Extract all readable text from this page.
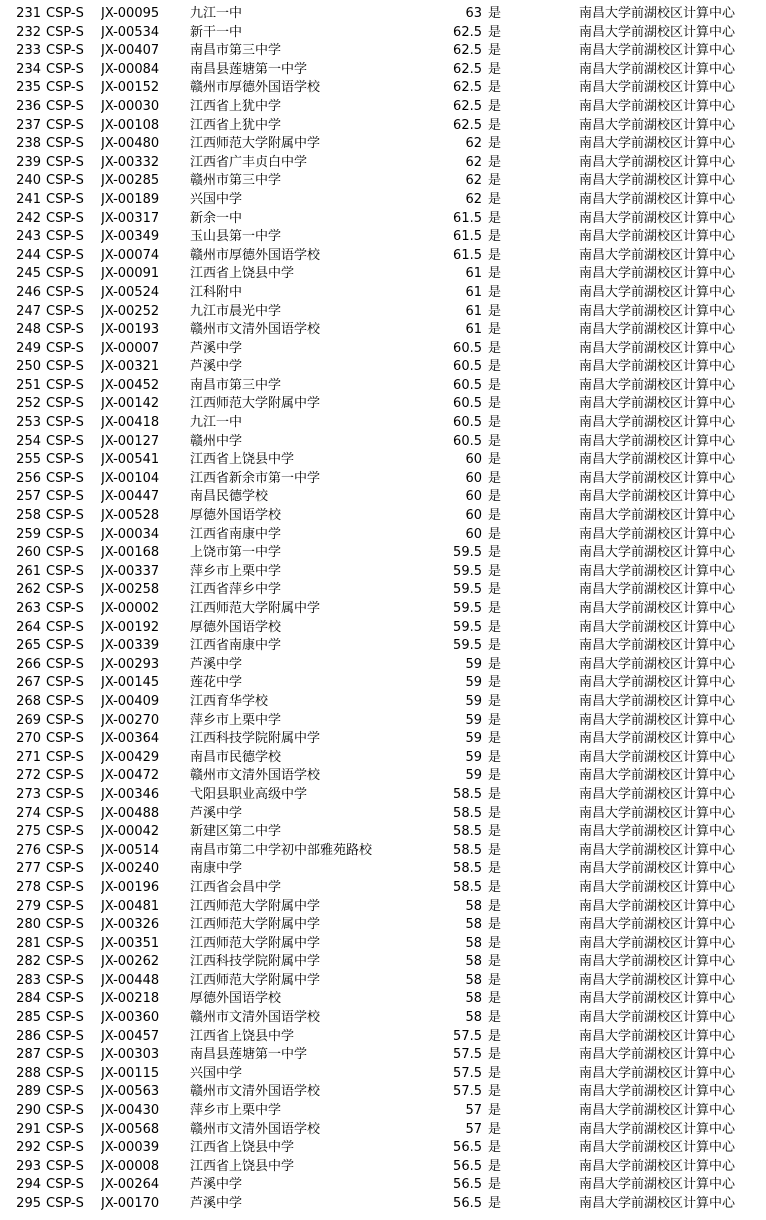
231 CSP-S	JX-00095	九江一中	63 是	南昌大学前湖校区计算中心
232 CSP-S	JX-00534	新干一中	62.5 是	南昌大学前湖校区计算中心
233 CSP-S	JX-00407	南昌市第三中学	62.5 是	南昌大学前湖校区计算中心
234 CSP-S	JX-00084	南昌县莲塘第一中学	62.5 是	南昌大学前湖校区计算中心
235 CSP-S	JX-00152	赣州市厚德外国语学校	62.5 是	南昌大学前湖校区计算中心
236 CSP-S	JX-00030	江西省上犹中学	62.5 是	南昌大学前湖校区计算中心
237 CSP-S	JX-00108	江西省上犹中学	62.5 是	南昌大学前湖校区计算中心
238 CSP-S	JX-00480	江西师范大学附属中学	62 是	南昌大学前湖校区计算中心
239 CSP-S	JX-00332	江西省广丰贞白中学	62 是	南昌大学前湖校区计算中心
240 CSP-S	JX-00285	赣州市第三中学	62 是	南昌大学前湖校区计算中心
241 CSP-S	JX-00189	兴国中学	62 是	南昌大学前湖校区计算中心
242 CSP-S	JX-00317	新余一中	61.5 是	南昌大学前湖校区计算中心
243 CSP-S	JX-00349	玉山县第一中学	61.5 是	南昌大学前湖校区计算中心
244 CSP-S	JX-00074	赣州市厚德外国语学校	61.5 是	南昌大学前湖校区计算中心
245 CSP-S	JX-00091	江西省上饶县中学	61 是	南昌大学前湖校区计算中心
246 CSP-S	JX-00524	江科附中	61 是	南昌大学前湖校区计算中心
247 CSP-S	JX-00252	九江市晨光中学	61 是	南昌大学前湖校区计算中心
248 CSP-S	JX-00193	赣州市文清外国语学校	61 是	南昌大学前湖校区计算中心
249 CSP-S	JX-00007	芦溪中学	60.5 是	南昌大学前湖校区计算中心
250 CSP-S	JX-00321	芦溪中学	60.5 是	南昌大学前湖校区计算中心
251 CSP-S	JX-00452	南昌市第三中学	60.5 是	南昌大学前湖校区计算中心
252 CSP-S	JX-00142	江西师范大学附属中学	60.5 是	南昌大学前湖校区计算中心
253 CSP-S	JX-00418	九江一中	60.5 是	南昌大学前湖校区计算中心
254 CSP-S	JX-00127	赣州中学	60.5 是	南昌大学前湖校区计算中心
255 CSP-S	JX-00541	江西省上饶县中学	60 是	南昌大学前湖校区计算中心
256 CSP-S	JX-00104	江西省新余市第一中学	60 是	南昌大学前湖校区计算中心
257 CSP-S	JX-00447	南昌民德学校	60 是	南昌大学前湖校区计算中心
258 CSP-S	JX-00528	厚德外国语学校	60 是	南昌大学前湖校区计算中心
259 CSP-S	JX-00034	江西省南康中学	60 是	南昌大学前湖校区计算中心
260 CSP-S	JX-00168	上饶市第一中学	59.5 是	南昌大学前湖校区计算中心
261 CSP-S	JX-00337	萍乡市上栗中学	59.5 是	南昌大学前湖校区计算中心
262 CSP-S	JX-00258	江西省萍乡中学	59.5 是	南昌大学前湖校区计算中心
263 CSP-S	JX-00002	江西师范大学附属中学	59.5 是	南昌大学前湖校区计算中心
264 CSP-S	JX-00192	厚德外国语学校	59.5 是	南昌大学前湖校区计算中心
265 CSP-S	JX-00339	江西省南康中学	59.5 是	南昌大学前湖校区计算中心
266 CSP-S	JX-00293	芦溪中学	59 是	南昌大学前湖校区计算中心
267 CSP-S	JX-00145	莲花中学	59 是	南昌大学前湖校区计算中心
268 CSP-S	JX-00409	江西育华学校	59 是	南昌大学前湖校区计算中心
269 CSP-S	JX-00270	萍乡市上栗中学	59 是	南昌大学前湖校区计算中心
270 CSP-S	JX-00364	江西科技学院附属中学	59 是	南昌大学前湖校区计算中心
271 CSP-S	JX-00429	南昌市民德学校	59 是	南昌大学前湖校区计算中心
272 CSP-S	JX-00472	赣州市文清外国语学校	59 是	南昌大学前湖校区计算中心
273 CSP-S	JX-00346	弋阳县职业高级中学	58.5 是	南昌大学前湖校区计算中心
274 CSP-S	JX-00488	芦溪中学	58.5 是	南昌大学前湖校区计算中心
275 CSP-S	JX-00042	新建区第二中学	58.5 是	南昌大学前湖校区计算中心
276 CSP-S	JX-00514	南昌市第二中学初中部雅苑路校	58.5 是	南昌大学前湖校区计算中心
277 CSP-S	JX-00240	南康中学	58.5 是	南昌大学前湖校区计算中心
278 CSP-S	JX-00196	江西省会昌中学	58.5 是	南昌大学前湖校区计算中心
279 CSP-S	JX-00481	江西师范大学附属中学	58 是	南昌大学前湖校区计算中心
280 CSP-S	JX-00326	江西师范大学附属中学	58 是	南昌大学前湖校区计算中心
281 CSP-S	JX-00351	江西师范大学附属中学	58 是	南昌大学前湖校区计算中心
282 CSP-S	JX-00262	江西科技学院附属中学	58 是	南昌大学前湖校区计算中心
283 CSP-S	JX-00448	江西师范大学附属中学	58 是	南昌大学前湖校区计算中心
284 CSP-S	JX-00218	厚德外国语学校	58 是	南昌大学前湖校区计算中心
285 CSP-S	JX-00360	赣州市文清外国语学校	58 是	南昌大学前湖校区计算中心
286 CSP-S	JX-00457	江西省上饶县中学	57.5 是	南昌大学前湖校区计算中心
287 CSP-S	JX-00303	南昌县莲塘第一中学	57.5 是	南昌大学前湖校区计算中心
288 CSP-S	JX-00115	兴国中学	57.5 是	南昌大学前湖校区计算中心
289 CSP-S	JX-00563	赣州市文清外国语学校	57.5 是	南昌大学前湖校区计算中心
290 CSP-S	JX-00430	萍乡市上栗中学	57 是	南昌大学前湖校区计算中心
291 CSP-S	JX-00568	赣州市文清外国语学校	57 是	南昌大学前湖校区计算中心
292 CSP-S	JX-00039	江西省上饶县中学	56.5 是	南昌大学前湖校区计算中心
293 CSP-S	JX-00008	江西省上饶县中学	56.5 是	南昌大学前湖校区计算中心
294 CSP-S	JX-00264	芦溪中学	56.5 是	南昌大学前湖校区计算中心
295 CSP-S	JX-00170	芦溪中学	56.5 是	南昌大学前湖校区计算中心
